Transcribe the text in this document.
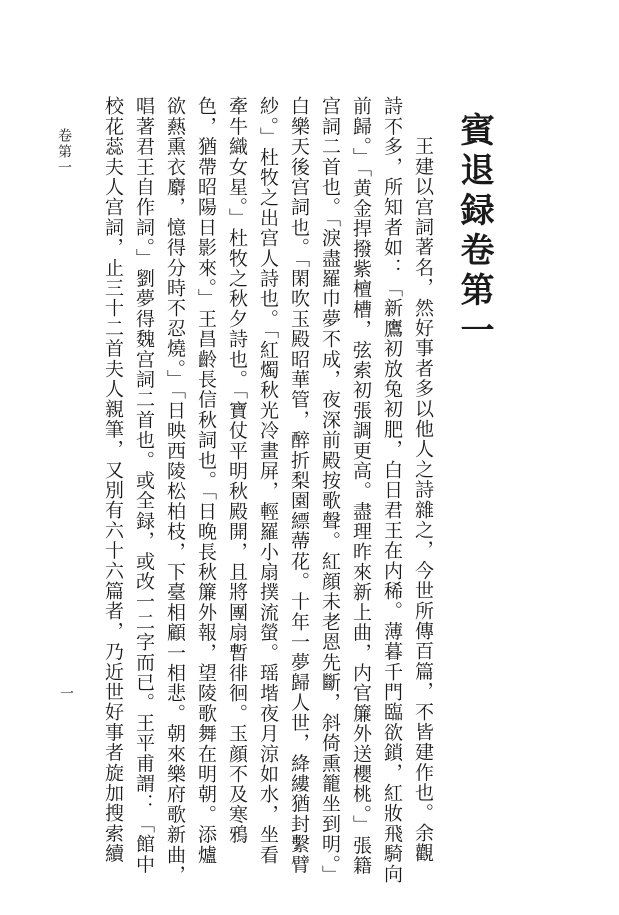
賓退録卷第一
王建以宫詞著名，然好事者多以他人之詩雜之，今世所傳百篇，不皆建作也。余觀
詩不多，所知者如：「新鷹初放兔初肥，白日君王在内稀。薄暮千門臨欲鎖，紅妝飛騎向
前歸。」「黄金捍撥紫檀槽，弦索初張調更高。盡理昨來新上曲，内官簾外送櫻桃。」張籍
宫詞二首也。「淚盡羅巾夢不成，夜深前殿按歌聲。紅顔未老恩先斷，斜倚熏籠坐到明。」
白樂天後宫詞也。「閑吹玉殿昭華管，醉折梨園縹蔕花。十年一夢歸人世，絳縷猶封繫臂
紗。」杜牧之出宫人詩也。「紅燭秋光冷畫屏，輕羅小扇撲流螢。瑶堦夜月涼如水，坐看
牽牛織女星。」杜牧之秋夕詩也。「寶仗平明秋殿開，且將團扇暫徘徊。玉顔不及寒鴉
色，猶帶昭陽日影來。」王昌齡長信秋詞也。「日晚長秋簾外報，望陵歌舞在明朝。添爐
欲爇熏衣麝，憶得分時不忍燒。」「日映西陵松柏枝，下臺相顧一相悲。朝來樂府歌新曲，
唱著君王自作詞。」劉夢得魏宫詞二首也。或全録，或改一二字而已。王平甫謂：「館中
校花蕊夫人宫詞，止三十二首夫人親筆，又別有六十六篇者，乃近世好事者旋加搜索續
卷第一
一
